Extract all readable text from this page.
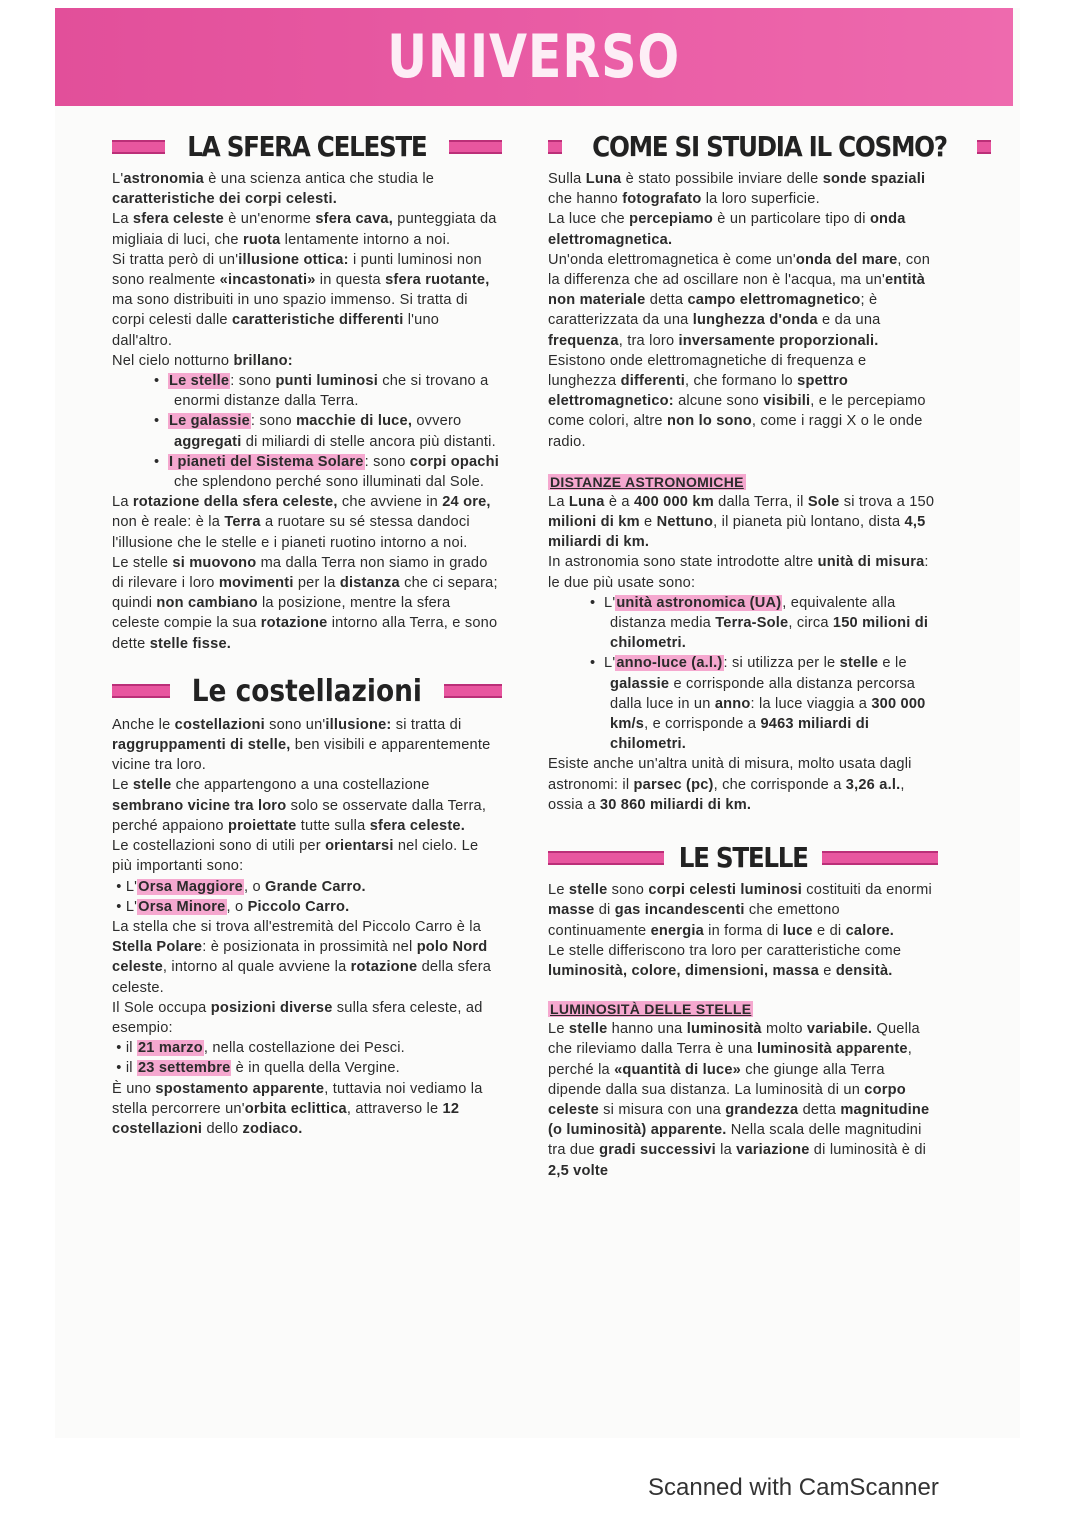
UNIVERSO
LA SFERA CELESTE

L'astronomia è una scienza antica che studia le caratteristiche dei corpi celesti.

La sfera celeste è un'enorme sfera cava, punteggiata da migliaia di luci, che ruota lentamente intorno a noi.

Si tratta però di un'illusione ottica: i punti luminosi non sono realmente «incastonati» in questa sfera ruotante, ma sono distribuiti in uno spazio immenso. Si tratta di corpi celesti dalle caratteristiche differenti l'uno dall'altro.

Nel cielo notturno brillano:

• Le stelle: sono punti luminosi che si trovano a enormi distanze dalla Terra.

• Le galassie: sono macchie di luce, ovvero aggregati di miliardi di stelle ancora più distanti.

• I pianeti del Sistema Solare: sono corpi opachi che splendono perché sono illuminati dal Sole.

La rotazione della sfera celeste, che avviene in 24 ore, non è reale: è la Terra a ruotare su sé stessa dandoci l'illusione che le stelle e i pianeti ruotino intorno a noi.

Le stelle si muovono ma dalla Terra non siamo in grado di rilevare i loro movimenti per la distanza che ci separa; quindi non cambiano la posizione, mentre la sfera celeste compie la sua rotazione intorno alla Terra, e sono dette stelle fisse.

Le costellazioni

Anche le costellazioni sono un'illusione: si tratta di raggruppamenti di stelle, ben visibili e apparentemente vicine tra loro.

Le stelle che appartengono a una costellazione sembrano vicine tra loro solo se osservate dalla Terra, perché appaiono proiettate tutte sulla sfera celeste.

Le costellazioni sono di utili per orientarsi nel cielo. Le più importanti sono:

• L'Orsa Maggiore, o Grande Carro.

• L'Orsa Minore, o Piccolo Carro.

La stella che si trova all'estremità del Piccolo Carro è la Stella Polare: è posizionata in prossimità nel polo Nord celeste, intorno al quale avviene la rotazione della sfera celeste.

Il Sole occupa posizioni diverse sulla sfera celeste, ad esempio:

• il 21 marzo, nella costellazione dei Pesci.

• il 23 settembre è in quella della Vergine.

È uno spostamento apparente, tuttavia noi vediamo la stella percorrere un'orbita eclittica, attraverso le 12 costellazioni dello zodiaco.

COME SI STUDIA IL COSMO?

Sulla Luna è stato possibile inviare delle sonde spaziali che hanno fotografato la loro superficie.

La luce che percepiamo è un particolare tipo di onda elettromagnetica.

Un'onda elettromagnetica è come un'onda del mare, con la differenza che ad oscillare non è l'acqua, ma un'entità non materiale detta campo elettromagnetico; è caratterizzata da una lunghezza d'onda e da una frequenza, tra loro inversamente proporzionali.

Esistono onde elettromagnetiche di frequenza e lunghezza differenti, che formano lo spettro elettromagnetico: alcune sono visibili, e le percepiamo come colori, altre non lo sono, come i raggi X o le onde radio.

DISTANZE ASTRONOMICHE

La Luna è a 400 000 km dalla Terra, il Sole si trova a 150 milioni di km e Nettuno, il pianeta più lontano, dista 4,5 miliardi di km.

In astronomia sono state introdotte altre unità di misura: le due più usate sono:

• L'unità astronomica (UA), equivalente alla distanza media Terra-Sole, circa 150 milioni di chilometri.

• L'anno-luce (a.l.): si utilizza per le stelle e le galassie e corrisponde alla distanza percorsa dalla luce in un anno: la luce viaggia a 300 000 km/s, e corrisponde a 9463 miliardi di chilometri.

Esiste anche un'altra unità di misura, molto usata dagli astronomi: il parsec (pc), che corrisponde a 3,26 a.l., ossia a 30 860 miliardi di km.

LE STELLE

Le stelle sono corpi celesti luminosi costituiti da enormi masse di gas incandescenti che emettono continuamente energia in forma di luce e di calore.

Le stelle differiscono tra loro per caratteristiche come luminosità, colore, dimensioni, massa e densità.

LUMINOSITÀ DELLE STELLE

Le stelle hanno una luminosità molto variabile. Quella che rileviamo dalla Terra è una luminosità apparente, perché la «quantità di luce» che giunge alla Terra dipende dalla sua distanza. La luminosità di un corpo celeste si misura con una grandezza detta magnitudine (o luminosità) apparente. Nella scala delle magnitudini tra due gradi successivi la variazione di luminosità è di 2,5 volte

Scanned with CamScanner
